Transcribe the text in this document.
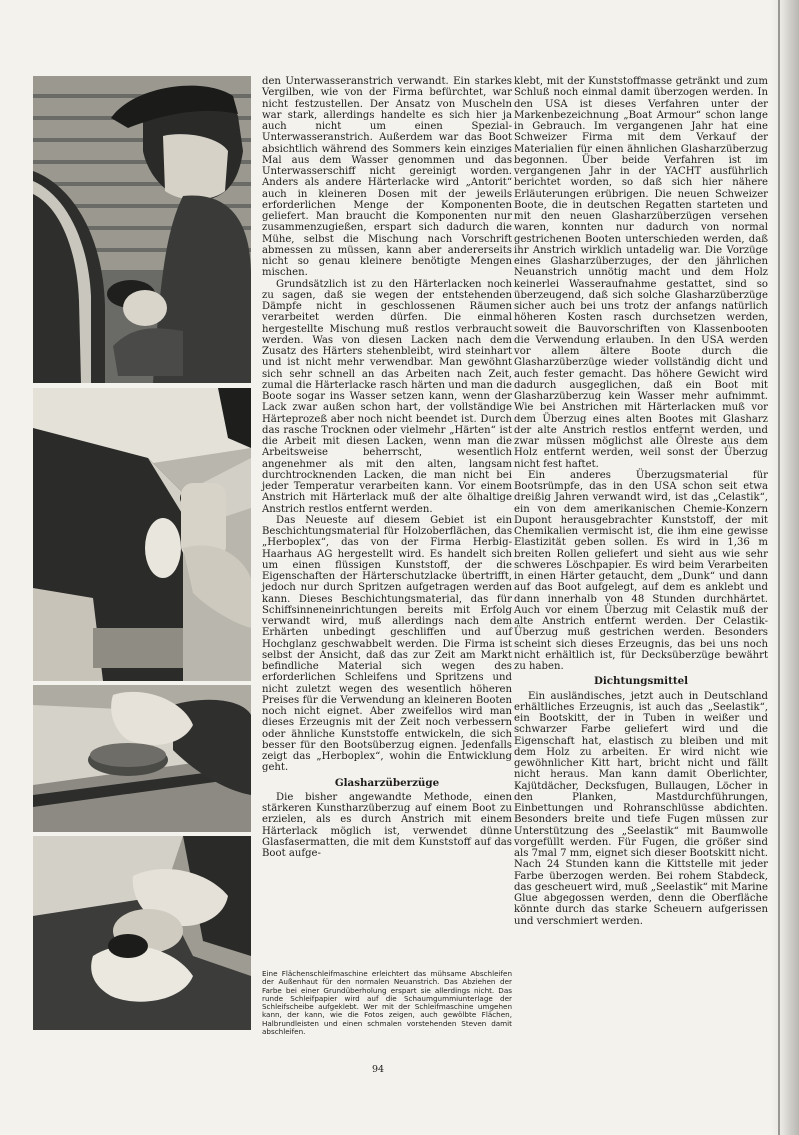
den Unterwasseranstrich verwandt. Ein starkes Vergilben, wie von der Firma befürchtet, war nicht festzustellen. Der Ansatz von Muscheln war stark, allerdings handelte es sich hier ja auch nicht um einen Spezial-Unterwasseranstrich. Außerdem war das Boot absichtlich während des Sommers kein einziges Mal aus dem Wasser genommen und das Unterwasserschiff nicht gereinigt worden. Anders als andere Härterlacke wird „Antorit“ auch in kleineren Dosen mit der jeweils erforderlichen Menge der Komponenten geliefert. Man braucht die Komponenten nur zusammenzugießen, erspart sich dadurch die Mühe, selbst die Mischung nach Vorschrift abmessen zu müssen, kann aber andererseits nicht so genau kleinere benötigte Mengen mischen.

Grundsätzlich ist zu den Härterlacken noch zu sagen, daß sie wegen der entstehenden Dämpfe nicht in geschlossenen Räumen verarbeitet werden dürfen. Die einmal hergestellte Mischung muß restlos verbraucht werden. Was von diesen Lacken nach dem Zusatz des Härters stehenbleibt, wird steinhart und ist nicht mehr verwendbar. Man gewöhnt sich sehr schnell an das Arbeiten nach Zeit, zumal die Härterlacke rasch härten und man die Boote sogar ins Wasser setzen kann, wenn der Lack zwar außen schon hart, der vollständige Härteprozeß aber noch nicht beendet ist. Durch das rasche Trocknen oder vielmehr „Härten“ ist die Arbeit mit diesen Lacken, wenn man die Arbeitsweise beherrscht, wesentlich angenehmer als mit den alten, langsam durchtrocknenden Lacken, die man nicht bei jeder Temperatur verarbeiten kann. Vor einem Anstrich mit Härterlack muß der alte ölhaltige Anstrich restlos entfernt werden.

Das Neueste auf diesem Gebiet ist ein Beschichtungsmaterial für Holzoberflächen, das „Herboplex“, das von der Firma Herbig-Haarhaus AG hergestellt wird. Es handelt sich um einen flüssigen Kunststoff, der die Eigenschaften der Härterschutzlacke übertrifft, jedoch nur durch Spritzen aufgetragen werden kann. Dieses Beschichtungsmaterial, das für Schiffsinneneinrichtungen bereits mit Erfolg verwandt wird, muß allerdings nach dem Erhärten unbedingt geschliffen und auf Hochglanz geschwabbelt werden. Die Firma ist selbst der Ansicht, daß das zur Zeit am Markt befindliche Material sich wegen des erforderlichen Schleifens und Spritzens und nicht zuletzt wegen des wesentlich höheren Preises für die Verwendung an kleineren Booten noch nicht eignet. Aber zweifellos wird man dieses Erzeugnis mit der Zeit noch verbessern oder ähnliche Kunststoffe entwickeln, die sich besser für den Bootsüberzug eignen. Jedenfalls zeigt das „Herboplex“, wohin die Entwicklung geht.

Glasharzüberzüge

Die bisher angewandte Methode, einen stärkeren Kunstharzüberzug auf einem Boot zu erzielen, als es durch Anstrich mit einem Härterlack möglich ist, verwendet dünne Glasfasermatten, die mit dem Kunststoff auf das Boot aufge-

klebt, mit der Kunststoffmasse getränkt und zum Schluß noch einmal damit überzogen werden. In den USA ist dieses Verfahren unter der Markenbezeichnung „Boat Armour“ schon lange in Gebrauch. Im vergangenen Jahr hat eine Schweizer Firma mit dem Verkauf der Materialien für einen ähnlichen Glasharzüberzug begonnen. Über beide Verfahren ist im vergangenen Jahr in der YACHT ausführlich berichtet worden, so daß sich hier nähere Erläuterungen erübrigen. Die neuen Schweizer Boote, die in deutschen Regatten starteten und mit den neuen Glasharzüberzügen versehen waren, konnten nur dadurch von normal gestrichenen Booten unterschieden werden, daß ihr Anstrich wirklich untadelig war. Die Vorzüge eines Glasharzüberzuges, der den jährlichen Neuanstrich unnötig macht und dem Holz keinerlei Wasseraufnahme gestattet, sind so überzeugend, daß sich solche Glasharzüberzüge sicher auch bei uns trotz der anfangs natürlich höheren Kosten rasch durchsetzen werden, soweit die Bauvorschriften von Klassenbooten die Verwendung erlauben. In den USA werden vor allem ältere Boote durch die Glasharzüberzüge wieder vollständig dicht und auch fester gemacht. Das höhere Gewicht wird dadurch ausgeglichen, daß ein Boot mit Glasharzüberzug kein Wasser mehr aufnimmt. Wie bei Anstrichen mit Härterlacken muß vor dem Überzug eines alten Bootes mit Glasharz der alte Anstrich restlos entfernt werden, und zwar müssen möglichst alle Ölreste aus dem Holz entfernt werden, weil sonst der Überzug nicht fest haftet.

Ein anderes Überzugsmaterial für Bootsrümpfe, das in den USA schon seit etwa dreißig Jahren verwandt wird, ist das „Celastik“, ein von dem amerikanischen Chemie-Konzern Dupont herausgebrachter Kunststoff, der mit Chemikalien vermischt ist, die ihm eine gewisse Elastizität geben sollen. Es wird in 1,36 m breiten Rollen geliefert und sieht aus wie sehr schweres Löschpapier. Es wird beim Verarbeiten in einen Härter getaucht, dem „Dunk“ und dann auf das Boot aufgelegt, auf dem es anklebt und dann innerhalb von 48 Stunden durchhärtet. Auch vor einem Überzug mit Celastik muß der alte Anstrich entfernt werden. Der Celastik-Überzug muß gestrichen werden. Besonders scheint sich dieses Erzeugnis, das bei uns noch nicht erhältlich ist, für Decksüberzüge bewährt zu haben.

Dichtungsmittel

Ein ausländisches, jetzt auch in Deutschland erhältliches Erzeugnis, ist auch das „Seelastik“, ein Bootskitt, der in Tuben in weißer und schwarzer Farbe geliefert wird und die Eigenschaft hat, elastisch zu bleiben und mit dem Holz zu arbeiten. Er wird nicht wie gewöhnlicher Kitt hart, bricht nicht und fällt nicht heraus. Man kann damit Oberlichter, Kajütdächer, Decksfugen, Bullaugen, Löcher in den Planken, Mastdurchführungen, Einbettungen und Rohranschlüsse abdichten. Besonders breite und tiefe Fugen müssen zur Unterstützung des „Seelastik“ mit Baumwolle vorgefüllt werden. Für Fugen, die größer sind als 7mal 7 mm, eignet sich dieser Bootskitt nicht. Nach 24 Stunden kann die Kittstelle mit jeder Farbe überzogen werden. Bei rohem Stabdeck, das gescheuert wird, muß „Seelastik“ mit Marine Glue abgegossen werden, denn die Oberfläche könnte durch das starke Scheuern aufgerissen und verschmiert werden.

Eine Flächenschleifmaschine erleichtert das mühsame Abschleifen der Außenhaut für den normalen Neuanstrich. Das Abziehen der Farbe bei einer Grundüberholung erspart sie allerdings nicht. Das runde Schleifpapier wird auf die Schaumgummiunterlage der Schleifscheibe aufgeklebt. Wer mit der Schleifmaschine umgehen kann, der kann, wie die Fotos zeigen, auch gewölbte Flächen, Halbrundleisten und einen schmalen vorstehenden Steven damit abschleifen.
94
